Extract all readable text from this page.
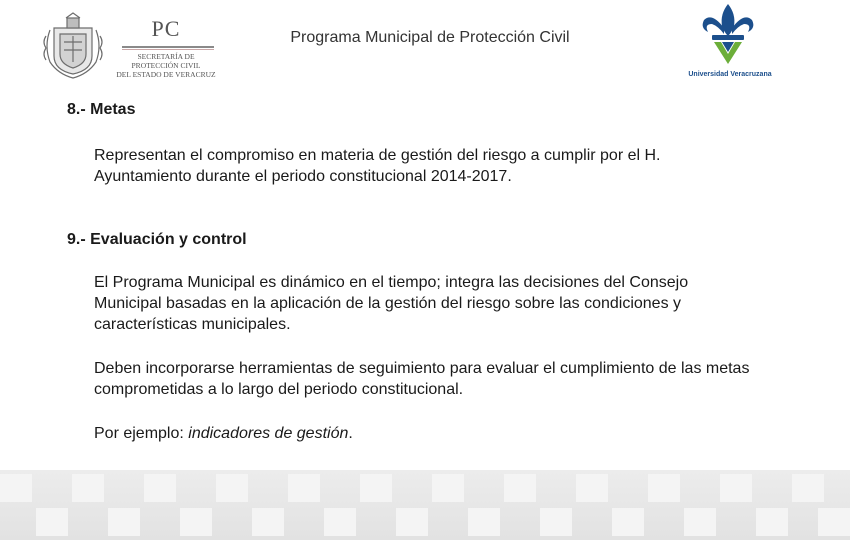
PC
SECRETARÍA DE
PROTECCIÓN CIVIL
DEL ESTADO DE VERACRUZ
Programa Municipal de Protección Civil
Universidad Veracruzana
8.- Metas
Representan el compromiso en materia de gestión del riesgo a cumplir por el H. Ayuntamiento durante el periodo constitucional 2014-2017.
9.- Evaluación y control
El Programa Municipal es dinámico en el tiempo; integra las decisiones del Consejo Municipal basadas en la aplicación de la gestión del riesgo sobre las condiciones y características municipales.
Deben incorporarse herramientas de seguimiento para evaluar el cumplimiento de las metas comprometidas a lo largo del periodo constitucional.
Por ejemplo: indicadores de gestión.
